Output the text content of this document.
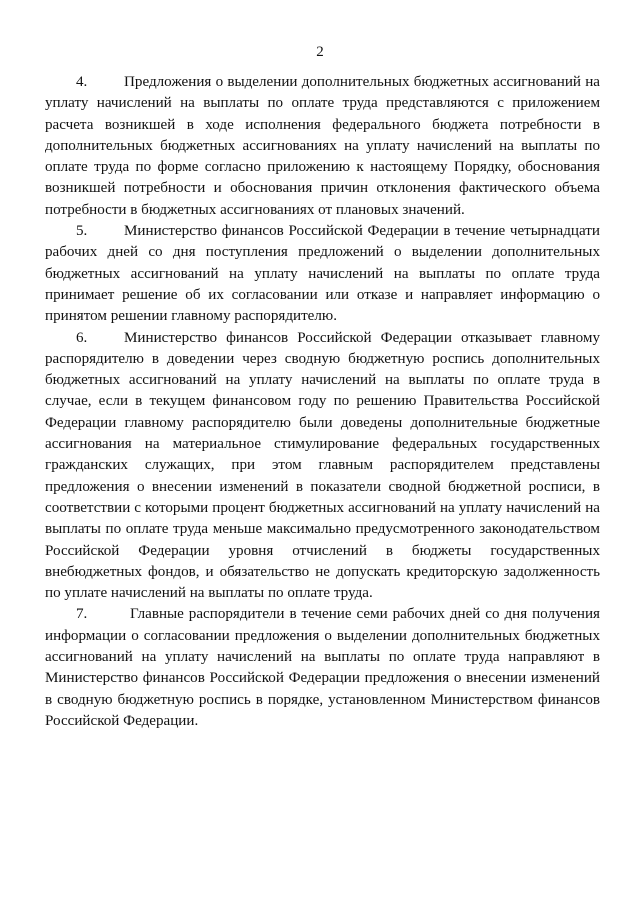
2

4. Предложения о выделении дополнительных бюджетных ассигнований на уплату начислений на выплаты по оплате труда представляются с приложением расчета возникшей в ходе исполнения федерального бюджета потребности в дополнительных бюджетных ассигнованиях на уплату начислений на выплаты по оплате труда по форме согласно приложению к настоящему Порядку, обоснования возникшей потребности и обоснования причин отклонения фактического объема потребности в бюджетных ассигнованиях от плановых значений.

5. Министерство финансов Российской Федерации в течение четырнадцати рабочих дней со дня поступления предложений о выделении дополнительных бюджетных ассигнований на уплату начислений на выплаты по оплате труда принимает решение об их согласовании или отказе и направляет информацию о принятом решении главному распорядителю.

6. Министерство финансов Российской Федерации отказывает главному распорядителю в доведении через сводную бюджетную роспись дополнительных бюджетных ассигнований на уплату начислений на выплаты по оплате труда в случае, если в текущем финансовом году по решению Правительства Российской Федерации главному распорядителю были доведены дополнительные бюджетные ассигнования на материальное стимулирование федеральных государственных гражданских служащих, при этом главным распорядителем представлены предложения о внесении изменений в показатели сводной бюджетной росписи, в соответствии с которыми процент бюджетных ассигнований на уплату начислений на выплаты по оплате труда меньше максимально предусмотренного законодательством Российской Федерации уровня отчислений в бюджеты государственных внебюджетных фондов, и обязательство не допускать кредиторскую задолженность по уплате начислений на выплаты по оплате труда.

7.	Главные распорядители в течение семи рабочих дней со дня получения информации о согласовании предложения о выделении дополнительных бюджетных ассигнований на уплату начислений на выплаты по оплате труда направляют в Министерство финансов Российской Федерации предложения о внесении изменений в сводную бюджетную роспись в порядке, установленном Министерством финансов Российской Федерации.
